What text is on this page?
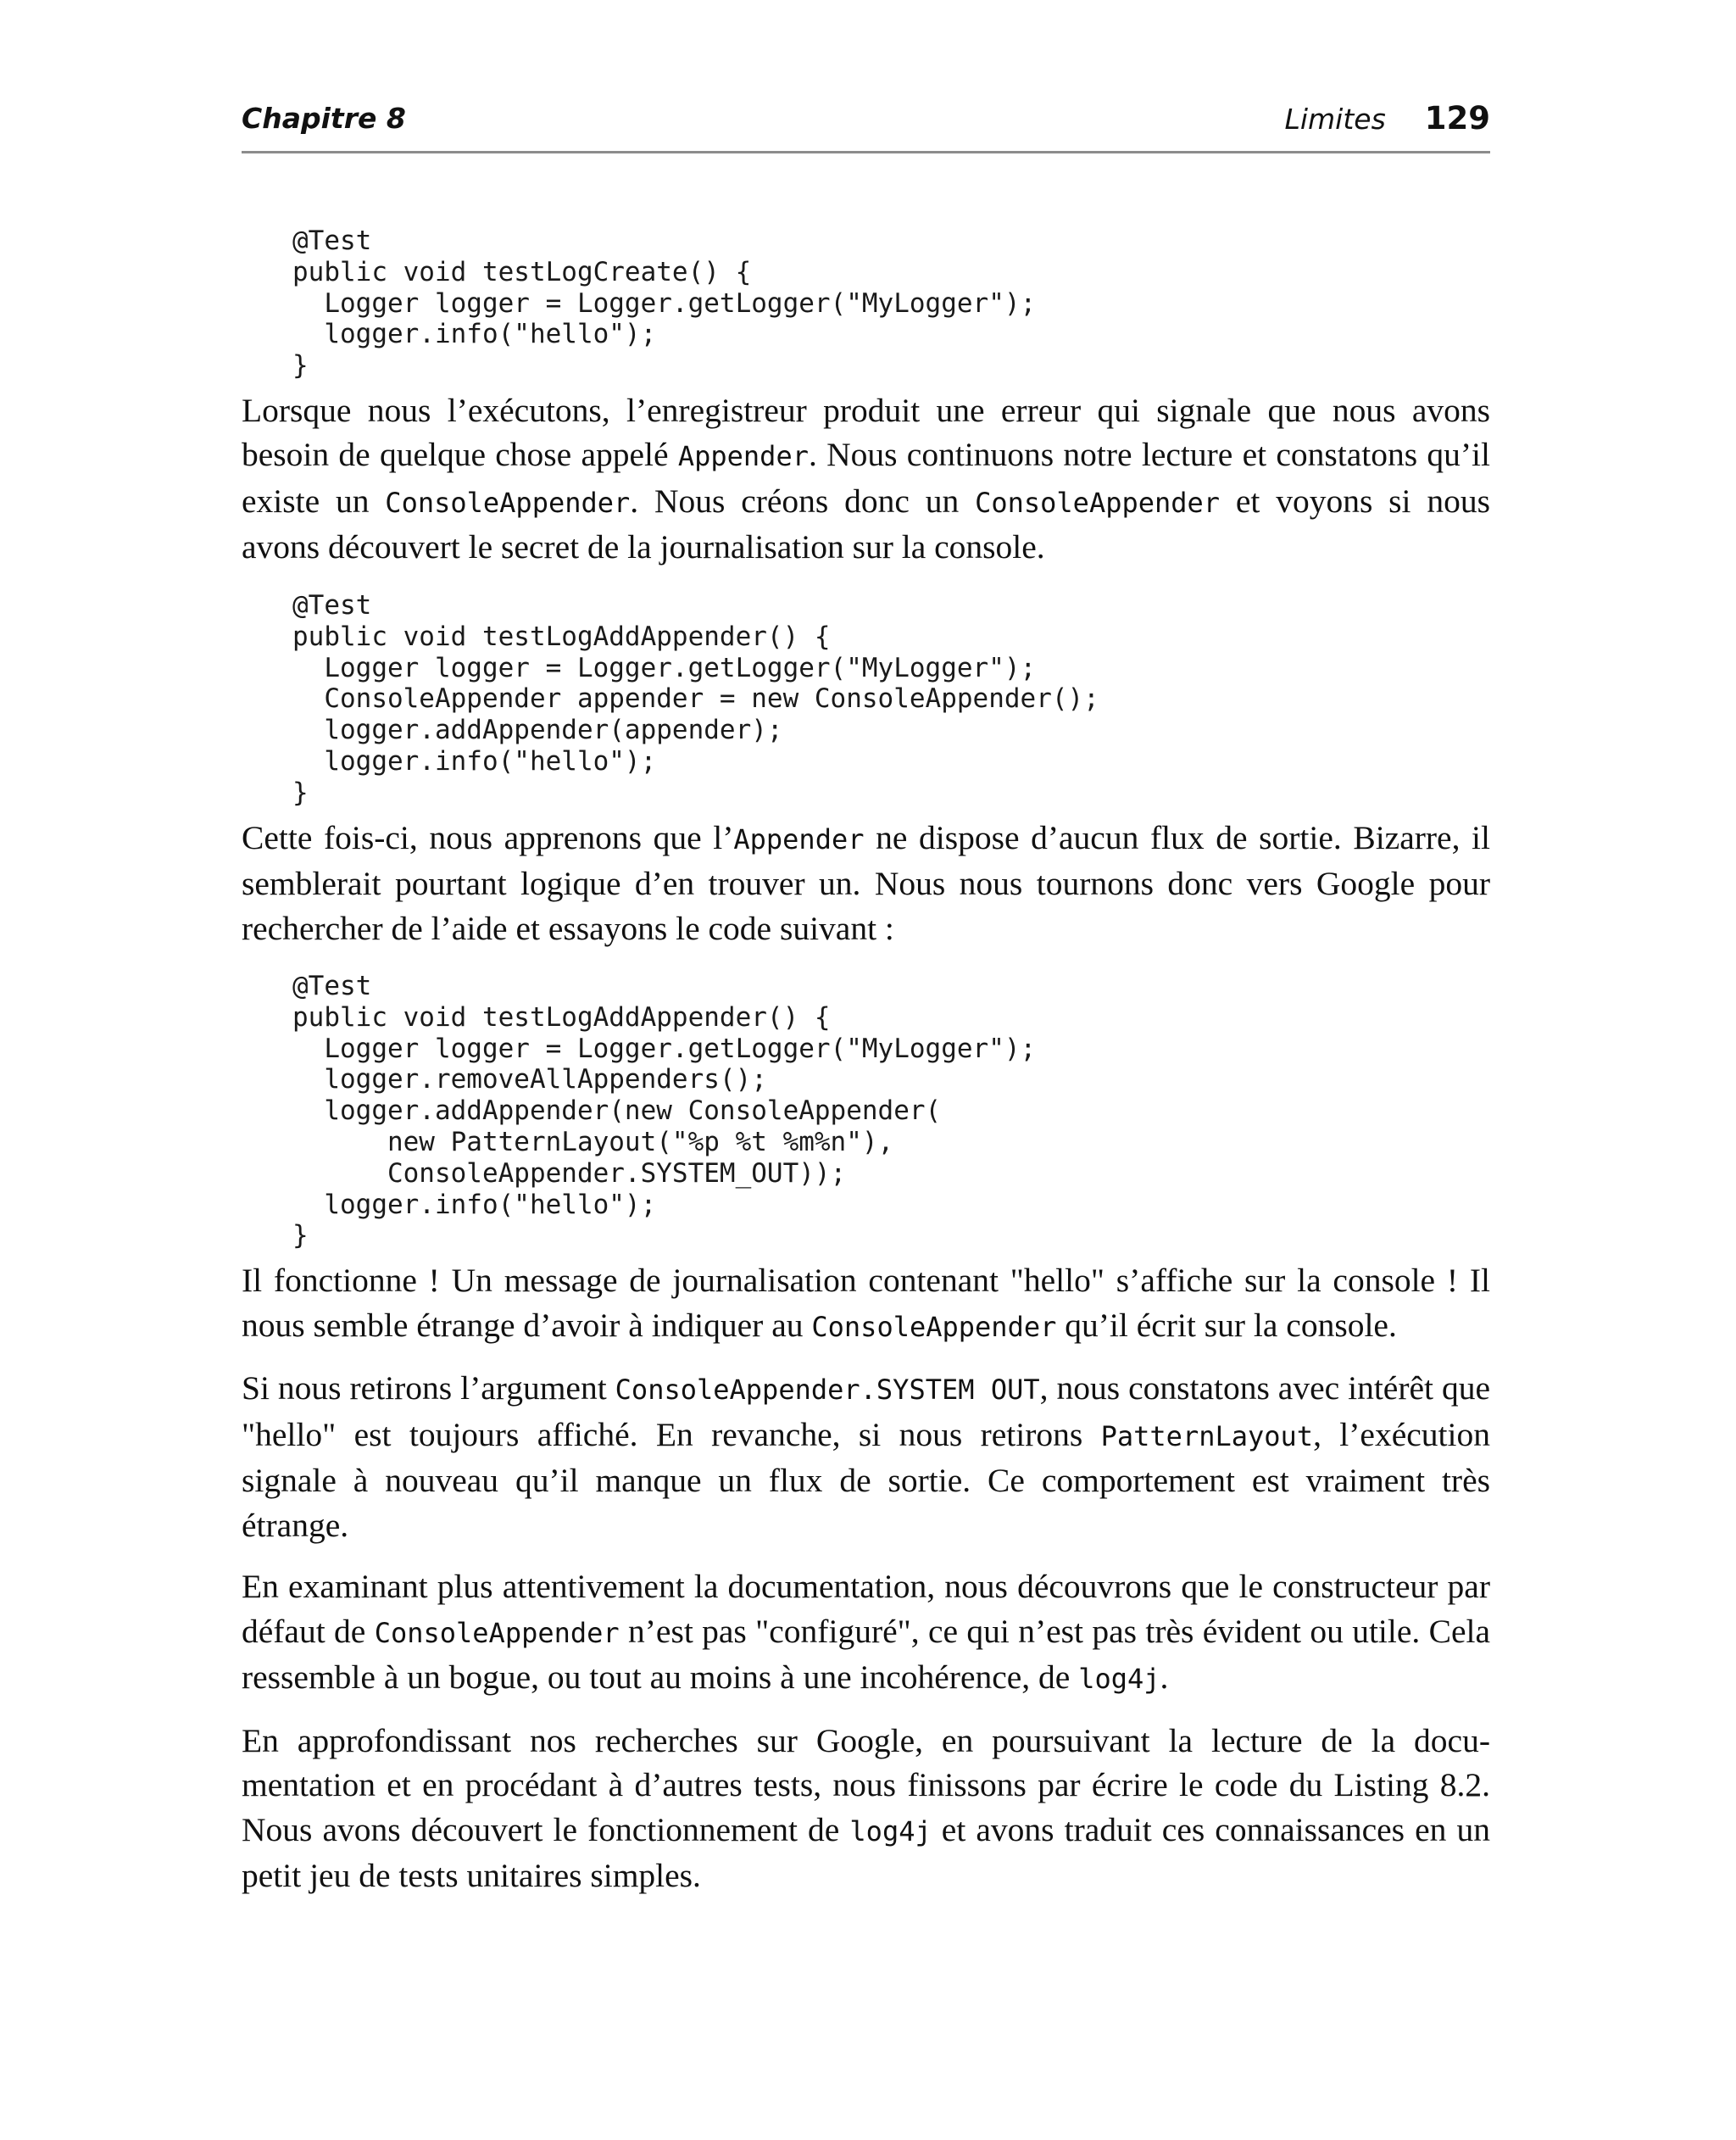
Chapitre 8	Limites 129
@Test
public void testLogCreate() {
Logger logger = Logger.getLogger("MyLogger");
logger.info("hello");
}

Lorsque nous l’exécutons, l’enregistreur produit une erreur qui signale que nous avons besoin de quelque chose appelé Appender. Nous continuons notre lecture et constatons qu’il existe un ConsoleAppender. Nous créons donc un ConsoleAppender et voyons si nous avons découvert le secret de la journalisation sur la console.

@Test
public void testLogAddAppender() {
Logger logger = Logger.getLogger("MyLogger");
ConsoleAppender appender = new ConsoleAppender();
logger.addAppender(appender);
logger.info("hello");
}

Cette fois-ci, nous apprenons que l’Appender ne dispose d’aucun flux de sortie. Bizarre, il semblerait pourtant logique d’en trouver un. Nous nous tournons donc vers Google pour rechercher de l’aide et essayons le code suivant :

@Test
public void testLogAddAppender() {
Logger logger = Logger.getLogger("MyLogger");
logger.removeAllAppenders();
logger.addAppender(new ConsoleAppender(
new PatternLayout("%p %t %m%n"),
ConsoleAppender.SYSTEM_OUT));
logger.info("hello");
}

Il fonctionne ! Un message de journalisation contenant "hello" s’affiche sur la console ! Il nous semble étrange d’avoir à indiquer au ConsoleAppender qu’il écrit sur la console.

Si nous retirons l’argument ConsoleAppender.SYSTEM OUT, nous constatons avec intérêt que "hello" est toujours affiché. En revanche, si nous retirons PatternLayout, l’exécution signale à nouveau qu’il manque un flux de sortie. Ce comportement est vraiment très étrange.

En examinant plus attentivement la documentation, nous découvrons que le constructeur par défaut de ConsoleAppender n’est pas "configuré", ce qui n’est pas très évident ou utile. Cela ressemble à un bogue, ou tout au moins à une incohérence, de log4j.

En approfondissant nos recherches sur Google, en poursuivant la lecture de la documentation et en procédant à d’autres tests, nous finissons par écrire le code du Listing 8.2. Nous avons découvert le fonctionnement de log4j et avons traduit ces connaissances en un petit jeu de tests unitaires simples.
